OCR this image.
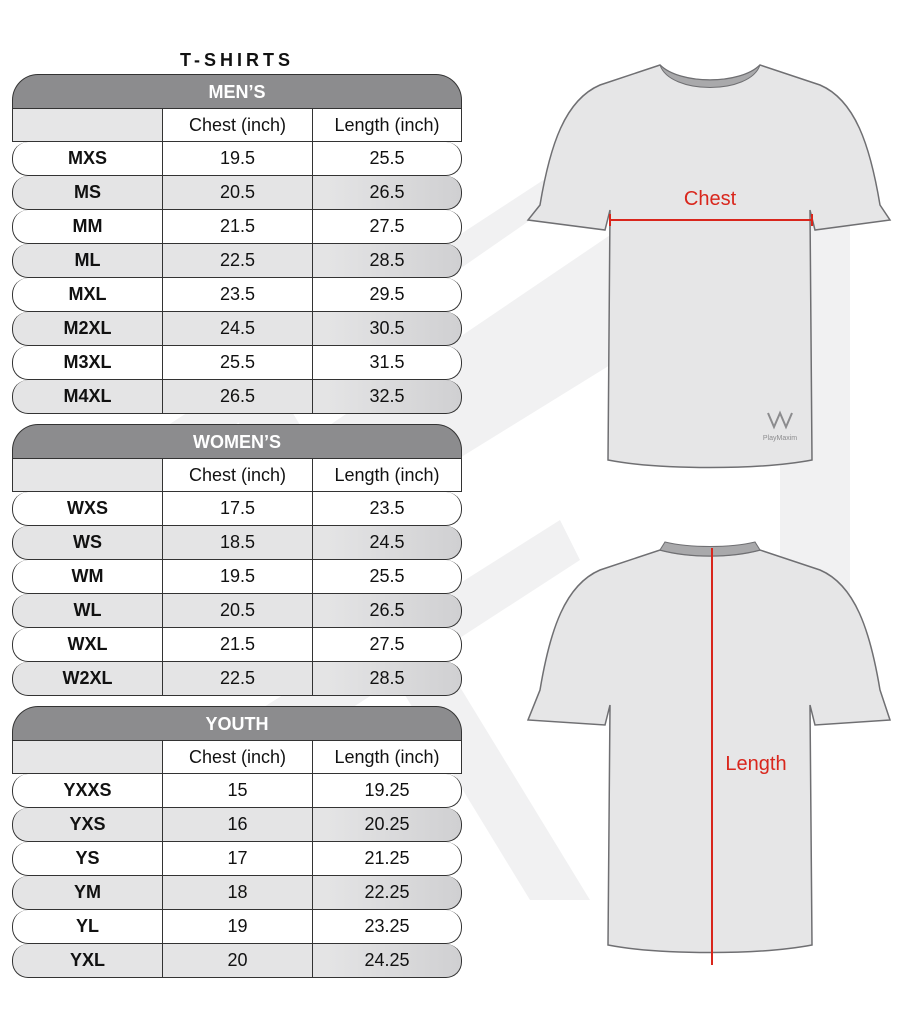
T-SHIRTS
MEN’S
Chest (inch)	Length (inch)
MXS	19.5	25.5
MS	20.5	26.5
MM	21.5	27.5
ML	22.5	28.5
MXL	23.5	29.5
M2XL	24.5	30.5
M3XL	25.5	31.5
M4XL	26.5	32.5
WOMEN’S
Chest (inch)	Length (inch)
WXS	17.5	23.5
WS	18.5	24.5
WM	19.5	25.5
WL	20.5	26.5
WXL	21.5	27.5
W2XL	22.5	28.5
YOUTH
Chest (inch)	Length (inch)
YXXS	15	19.25
YXS	16	20.25
YS	17	21.25
YM	18	22.25
YL	19	23.25
YXL	20	24.25
Chest
PlayMaxim
Length
